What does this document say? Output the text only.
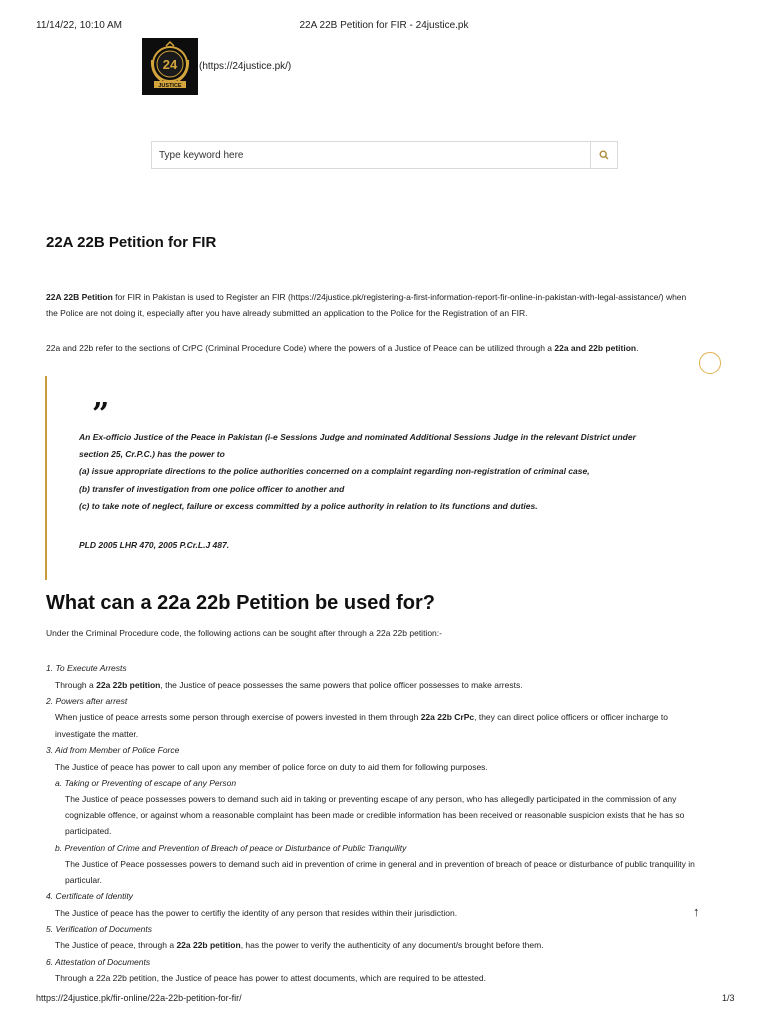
11/14/22, 10:10 AM	22A 22B Petition for FIR - 24justice.pk
24
JUSTICE
(https://24justice.pk/)
Type keyword here
22A 22B Petition for FIR
22A 22B Petition for FIR in Pakistan is used to Register an FIR (https://24justice.pk/registering-a-first-information-report-fir-online-in-pakistan-with-legal-assistance/) when
the Police are not doing it, especially after you have already submitted an application to the Police for the Registration of an FIR.
22a and 22b refer to the sections of CrPC (Criminal Procedure Code) where the powers of a Justice of Peace can be utilized through a 22a and 22b petition.
”
An Ex-officio Justice of the Peace in Pakistan (i-e Sessions Judge and nominated Additional Sessions Judge in the relevant District under
section 25, Cr.P.C.) has the power to
(a) issue appropriate directions to the police authorities concerned on a complaint regarding non-registration of criminal case,
(b) transfer of investigation from one police officer to another and
(c) to take note of neglect, failure or excess committed by a police authority in relation to its functions and duties.
PLD 2005 LHR 470, 2005 P.Cr.L.J 487.
What can a 22a 22b Petition be used for?
Under the Criminal Procedure code, the following actions can be sought after through a 22a 22b petition:-
1. To Execute Arrests
Through a 22a 22b petition, the Justice of peace possesses the same powers that police officer possesses to make arrests.
2. Powers after arrest
When justice of peace arrests some person through exercise of powers invested in them through 22a 22b CrPc, they can direct police officers or officer incharge to
investigate the matter.
3. Aid from Member of Police Force
The Justice of peace has power to call upon any member of police force on duty to aid them for following purposes.
a. Taking or Preventing of escape of any Person
The Justice of peace possesses powers to demand such aid in taking or preventing escape of any person, who has allegedly participated in the commission of any
cognizable offence, or against whom a reasonable complaint has been made or credible information has been received or reasonable suspicion exists that he has so
participated.
b. Prevention of Crime and Prevention of Breach of peace or Disturbance of Public Tranquility
The Justice of Peace possesses powers to demand such aid in prevention of crime in general and in prevention of breach of peace or disturbance of public tranquility in
particular.
4. Certificate of Identity
The Justice of peace has the power to certifiy the identity of any person that resides within their jurisdiction.
5. Verification of Documents
The Justice of peace, through a 22a 22b petition, has the power to verify the authenticity of any document/s brought before them.
6. Attestation of Documents
Through a 22a 22b petition, the Justice of peace has power to attest documents, which are required to be attested.
↑
https://24justice.pk/fir-online/22a-22b-petition-for-fir/	1/3
